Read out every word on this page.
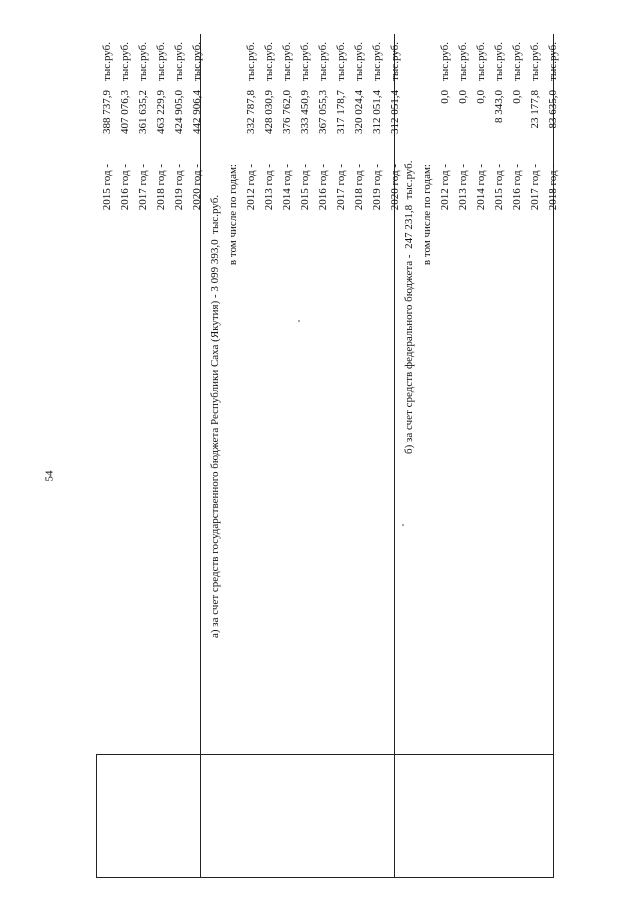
54
2015 год -388 737,9тыс.руб.
2016 год -407 076,3тыс.руб.
2017 год -361 635,2тыс.руб.
2018 год -463 229,9тыс.руб.
2019 год -424 905,0тыс.руб.
2020 год -442 906,4тыс.руб.
а) за счет средств государственного бюджета Республики Саха (Якутия) - 3 099 393,0  тыс.руб. в том числе по годам: 2012 год -332 787,8тыс.руб.
2013 год -428 030,9тыс.руб.
2014 год -376 762,0тыс.руб.
2015 год -333 450,9тыс.руб.
2016 год -367 055,3тыс.руб.
2017 год -317 178,7тыс.руб.
2018 год -320 024,4тыс.руб.
2019 год -312 051,4тыс.руб.
2020 год -312 051,4тыс.руб.
б) за счет средств федерального бюджета -  247 231,8  тыс.руб. в том числе по годам: 2012 год -0,0тыс.руб.
2013 год -0,0тыс.руб.
2014 год -0,0тыс.руб.
2015 год -8 343,0тыс.руб.
2016 год -0,0тыс.руб.
2017 год -23 177,8тыс.руб.
2018 год -83 635,0тыс.руб.
